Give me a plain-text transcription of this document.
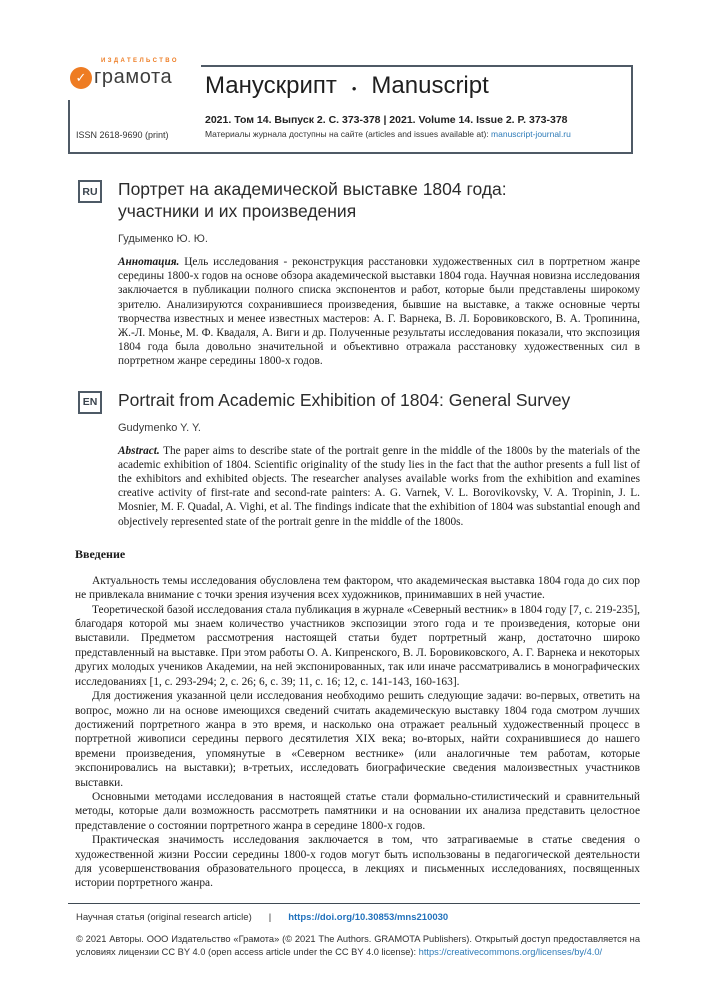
ИЗДАТЕЛЬСТВО
✓ грамота
ISSN 2618-9690 (print)
Манускрипт • Manuscript
2021. Том 14. Выпуск 2. С. 373-378 | 2021. Volume 14. Issue 2. P. 373-378
Материалы журнала доступны на сайте (articles and issues available at): manuscript-journal.ru
RU Портрет на академической выставке 1804 года:
участники и их произведения
Гудыменко Ю. Ю.
Аннотация. Цель исследования - реконструкция расстановки художественных сил в портретном жанре середины 1800-х годов на основе обзора академической выставки 1804 года. Научная новизна исследования заключается в публикации полного списка экспонентов и работ, которые были представлены широкому зрителю. Анализируются сохранившиеся произведения, бывшие на выставке, а также основные черты творчества известных и менее известных мастеров: А. Г. Варнека, В. Л. Боровиковского, В. А. Тропинина, Ж.-Л. Монье, М. Ф. Квадаля, А. Виги и др. Полученные результаты исследования показали, что экспозиция 1804 года была довольно значительной и объективно отражала расстановку художественных сил в портретном жанре середины 1800-х годов.
EN Portrait from Academic Exhibition of 1804: General Survey
Gudymenko Y. Y.
Abstract. The paper aims to describe state of the portrait genre in the middle of the 1800s by the materials of the academic exhibition of 1804. Scientific originality of the study lies in the fact that the author presents a full list of the exhibitors and exhibited objects. The researcher analyses available works from the exhibition and examines creative activity of first-rate and second-rate painters: A. G. Varnek, V. L. Borovikovsky, V. A. Tropinin, J. L. Mosnier, M. F. Quadal, A. Vighi, et al. The findings indicate that the exhibition of 1804 was substantial enough and objectively represented state of the portrait genre in the middle of the 1800s.
Введение

Актуальность темы исследования обусловлена тем фактором, что академическая выставка 1804 года до сих пор не привлекала внимание с точки зрения изучения всех художников, принимавших в ней участие.

Теоретической базой исследования стала публикация в журнале «Северный вестник» в 1804 году [7, с. 219-235], благодаря которой мы знаем количество участников экспозиции этого года и те произведения, которые они выставили. Предметом рассмотрения настоящей статьи будет портретный жанр, достаточно широко представленный на выставке. При этом работы О. А. Кипренского, В. Л. Боровиковского, А. Г. Варнека и некоторых других молодых учеников Академии, на ней экспонированных, так или иначе рассматривались в монографических исследованиях [1, с. 293-294; 2, с. 26; 6, с. 39; 11, с. 16; 12, с. 141-143, 160-163].

Для достижения указанной цели исследования необходимо решить следующие задачи: во-первых, ответить на вопрос, можно ли на основе имеющихся сведений считать академическую выставку 1804 года смотром лучших достижений портретного жанра в это время, и насколько она отражает реальный художественный процесс в портретной живописи середины первого десятилетия XIX века; во-вторых, найти сохранившиеся до нашего времени произведения, упомянутые в «Северном вестнике» (или аналогичные тем работам, которые экспонировались на выставки); в-третьих, исследовать биографические сведения малоизвестных участников выставки.

Основными методами исследования в настоящей статье стали формально-стилистический и сравнительный методы, которые дали возможность рассмотреть памятники и на основании их анализа представить целостное представление о состоянии портретного жанра в середине 1800-х годов.

Практическая значимость исследования заключается в том, что затрагиваемые в статье сведения о художественной жизни России середины 1800-х годов могут быть использованы в педагогической деятельности для усовершенствования образовательного процесса, в лекциях и письменных исследованиях, посвященных истории портретного жанра.

Научная статья (original research article) | https://doi.org/10.30853/mns210030
© 2021 Авторы. ООО Издательство «Грамота» (© 2021 The Authors. GRAMOTA Publishers). Открытый доступ предоставляется на условиях лицензии CC BY 4.0 (open access article under the CC BY 4.0 license): https://creativecommons.org/licenses/by/4.0/
